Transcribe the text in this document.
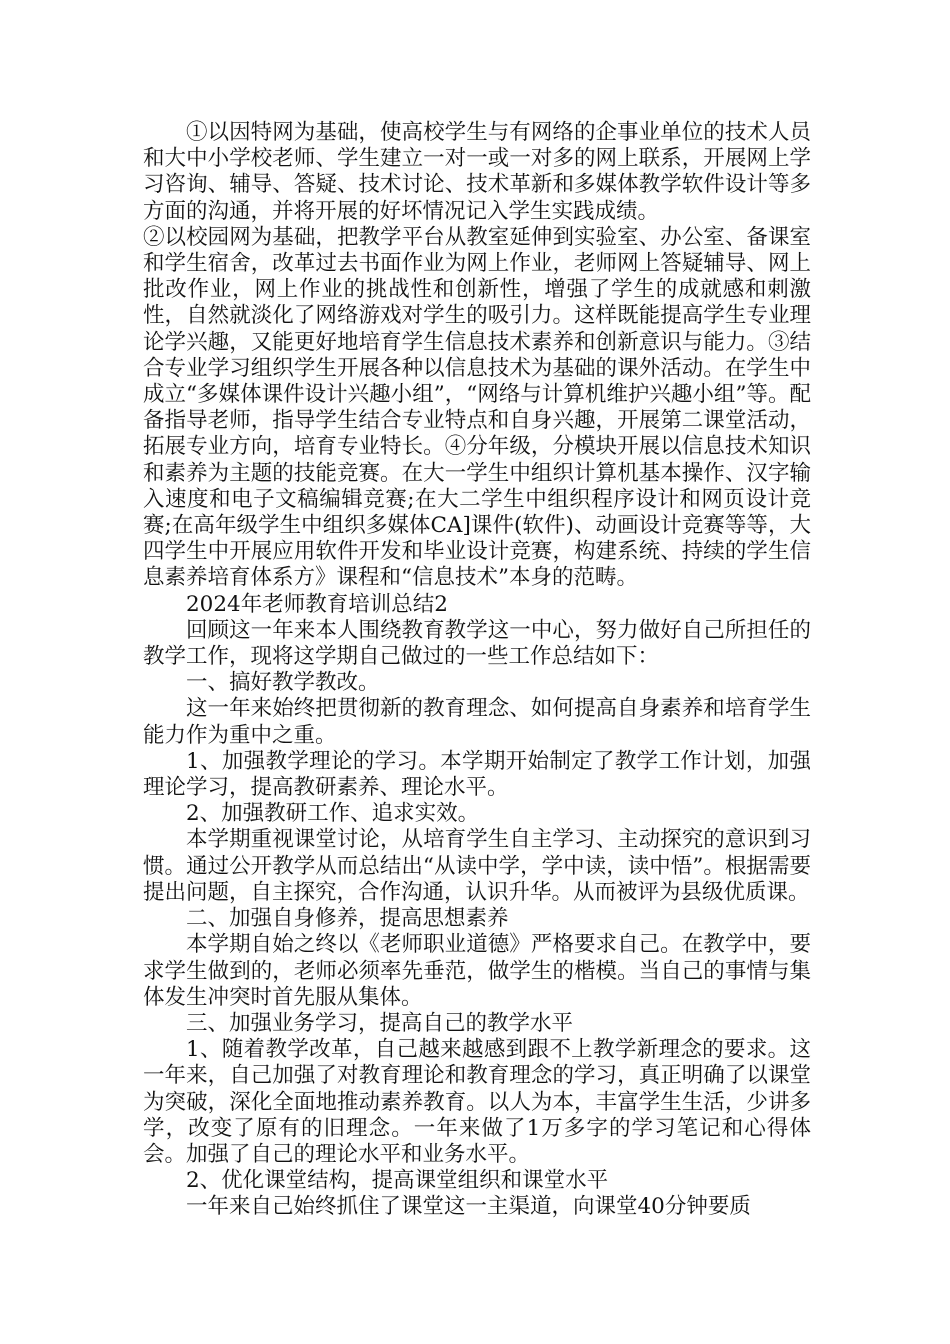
①以因特网为基础，使高校学生与有网络的企事业单位的技术人员和大中小学校老师、学生建立一对一或一对多的网上联系，开展网上学习咨询、辅导、答疑、技术讨论、技术革新和多媒体教学软件设计等多方面的沟通，并将开展的好坏情况记入学生实践成绩。

②以校园网为基础，把教学平台从教室延伸到实验室、办公室、备课室和学生宿舍，改革过去书面作业为网上作业，老师网上答疑辅导、网上批改作业，网上作业的挑战性和创新性，增强了学生的成就感和刺激性，自然就淡化了网络游戏对学生的吸引力。这样既能提高学生专业理论学兴趣，又能更好地培育学生信息技术素养和创新意识与能力。③结合专业学习组织学生开展各种以信息技术为基础的课外活动。在学生中成立“多媒体课件设计兴趣小组”，“网络与计算机维护兴趣小组”等。配备指导老师，指导学生结合专业特点和自身兴趣，开展第二课堂活动，拓展专业方向，培育专业特长。④分年级，分模块开展以信息技术知识和素养为主题的技能竞赛。在大一学生中组织计算机基本操作、汉字输入速度和电子文稿编辑竞赛;在大二学生中组织程序设计和网页设计竞赛;在高年级学生中组织多媒体CA]课件(软件)、动画设计竞赛等等，大四学生中开展应用软件开发和毕业设计竞赛，构建系统、持续的学生信息素养培育体系方》课程和“信息技术”本身的范畴。

2024年老师教育培训总结2

回顾这一年来本人围绕教育教学这一中心，努力做好自己所担任的教学工作，现将这学期自己做过的一些工作总结如下：

一、搞好教学教改。

这一年来始终把贯彻新的教育理念、如何提高自身素养和培育学生能力作为重中之重。

1、加强教学理论的学习。本学期开始制定了教学工作计划，加强理论学习，提高教研素养、理论水平。

2、加强教研工作、追求实效。

本学期重视课堂讨论，从培育学生自主学习、主动探究的意识到习惯。通过公开教学从而总结出“从读中学，学中读，读中悟”。根据需要提出问题，自主探究，合作沟通，认识升华。从而被评为县级优质课。

二、加强自身修养，提高思想素养

本学期自始之终以《老师职业道德》严格要求自己。在教学中，要求学生做到的，老师必须率先垂范，做学生的楷模。当自己的事情与集体发生冲突时首先服从集体。

三、加强业务学习，提高自己的教学水平

1、随着教学改革，自己越来越感到跟不上教学新理念的要求。这一年来，自己加强了对教育理论和教育理念的学习，真正明确了以课堂为突破，深化全面地推动素养教育。以人为本，丰富学生生活，少讲多学，改变了原有的旧理念。一年来做了1万多字的学习笔记和心得体会。加强了自己的理论水平和业务水平。

2、优化课堂结构，提高课堂组织和课堂水平

一年来自己始终抓住了课堂这一主渠道，向课堂40分钟要质
